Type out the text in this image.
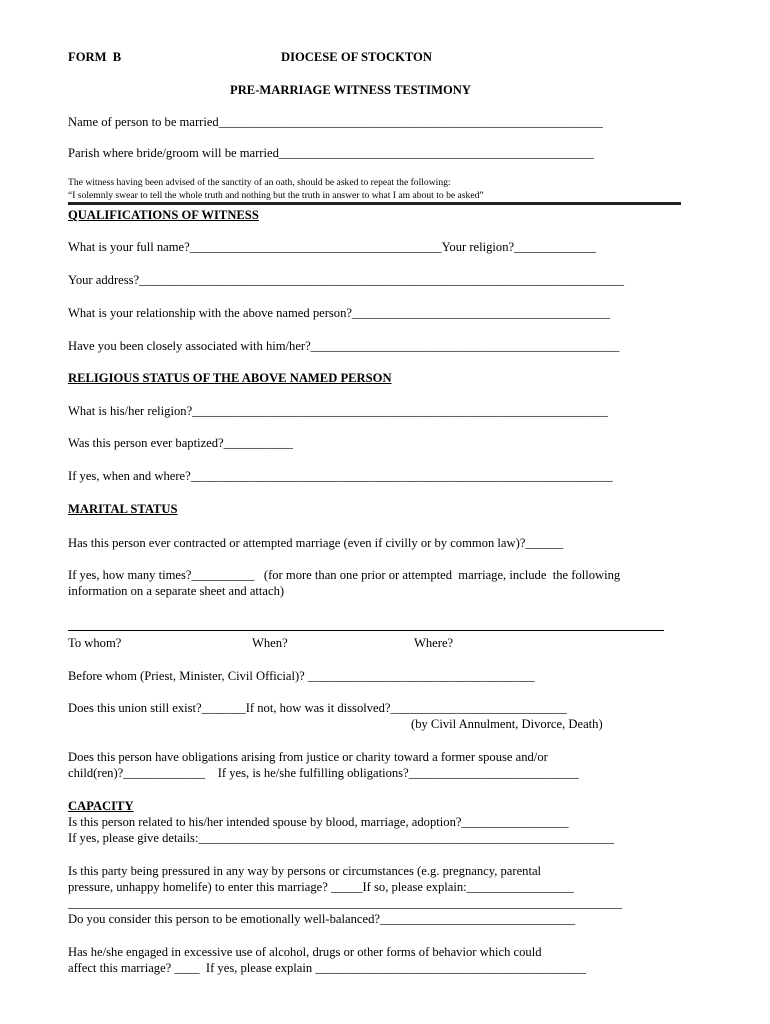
FORM  B	DIOCESE OF STOCKTON
PRE-MARRIAGE WITNESS TESTIMONY
Name of person to be married_____________________________________________________________
Parish where bride/groom will be married__________________________________________________
The witness having been advised of the sanctity of an oath, should be asked to repeat the following:
“I solemnly swear to tell the whole truth and nothing but the truth in answer to what I am about to be asked”
QUALIFICATIONS OF WITNESS
What is your full name?________________________________________Your religion?_____________
Your address?_____________________________________________________________________________
What is your relationship with the above named person?_________________________________________
Have you been closely associated with him/her?_________________________________________________
RELIGIOUS STATUS OF THE ABOVE NAMED PERSON
What is his/her religion?__________________________________________________________________
Was this person ever baptized?___________
If yes, when and where?___________________________________________________________________
MARITAL STATUS
Has this person ever contracted or attempted marriage (even if civilly or by common law)?______
If yes, how many times?__________   (for more than one prior or attempted  marriage, include  the following
information on a separate sheet and attach)
To whom?	When?	Where?
Before whom (Priest, Minister, Civil Official)? ____________________________________
Does this union still exist?_______If not, how was it dissolved?____________________________
(by Civil Annulment, Divorce, Death)
Does this person have obligations arising from justice or charity toward a former spouse and/or
child(ren)?_____________    If yes, is he/she fulfilling obligations?___________________________
CAPACITY
Is this person related to his/her intended spouse by blood, marriage, adoption?_________________
If yes, please give details:__________________________________________________________________
Is this party being pressured in any way by persons or circumstances (e.g. pregnancy, parental
pressure, unhappy homelife) to enter this marriage? _____If so, please explain:_________________
________________________________________________________________________________________
Do you consider this person to be emotionally well-balanced?_______________________________
Has he/she engaged in excessive use of alcohol, drugs or other forms of behavior which could
affect this marriage? ____  If yes, please explain ___________________________________________
